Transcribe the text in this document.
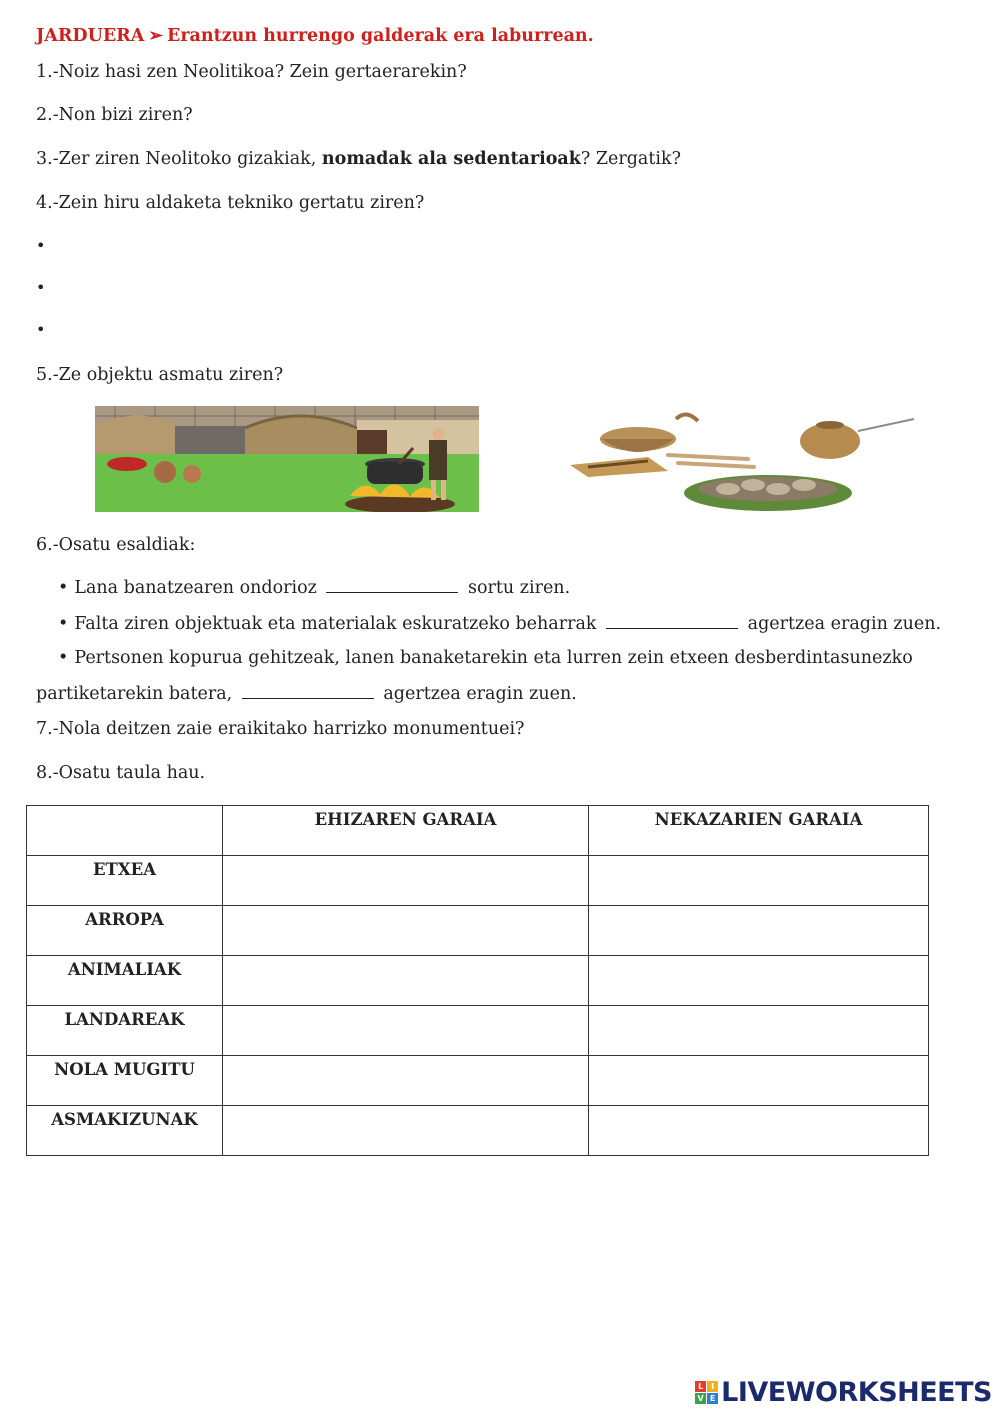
JARDUERA ➢ Erantzun hurrengo galderak era laburrean.
1.-Noiz hasi zen Neolitikoa? Zein gertaerarekin?
2.-Non bizi ziren?
3.-Zer ziren Neolitoko gizakiak, nomadak ala sedentarioak? Zergatik?
4.-Zein hiru aldaketa tekniko gertatu ziren?
•
•
•
5.-Ze objektu asmatu ziren?
6.-Osatu esaldiak:
• Lana banatzearen ondorioz	sortu ziren.
• Falta ziren objektuak eta materialak eskuratzeko beharrak	agertzea eragin zuen.
• Pertsonen kopurua gehitzeak, lanen banaketarekin eta lurren zein etxeen desberdintasunezko
partiketarekin batera,	agertzea eragin zuen.
7.-Nola deitzen zaie eraikitako harrizko monumentuei?
8.-Osatu taula hau.
	EHIZAREN GARAIA	NEKAZARIEN GARAIA
ETXEA		
ARROPA		
ANIMALIAK		
LANDAREAK		
NOLA MUGITU		
ASMAKIZUNAK		
L I
V E LIVEWORKSHEETS
